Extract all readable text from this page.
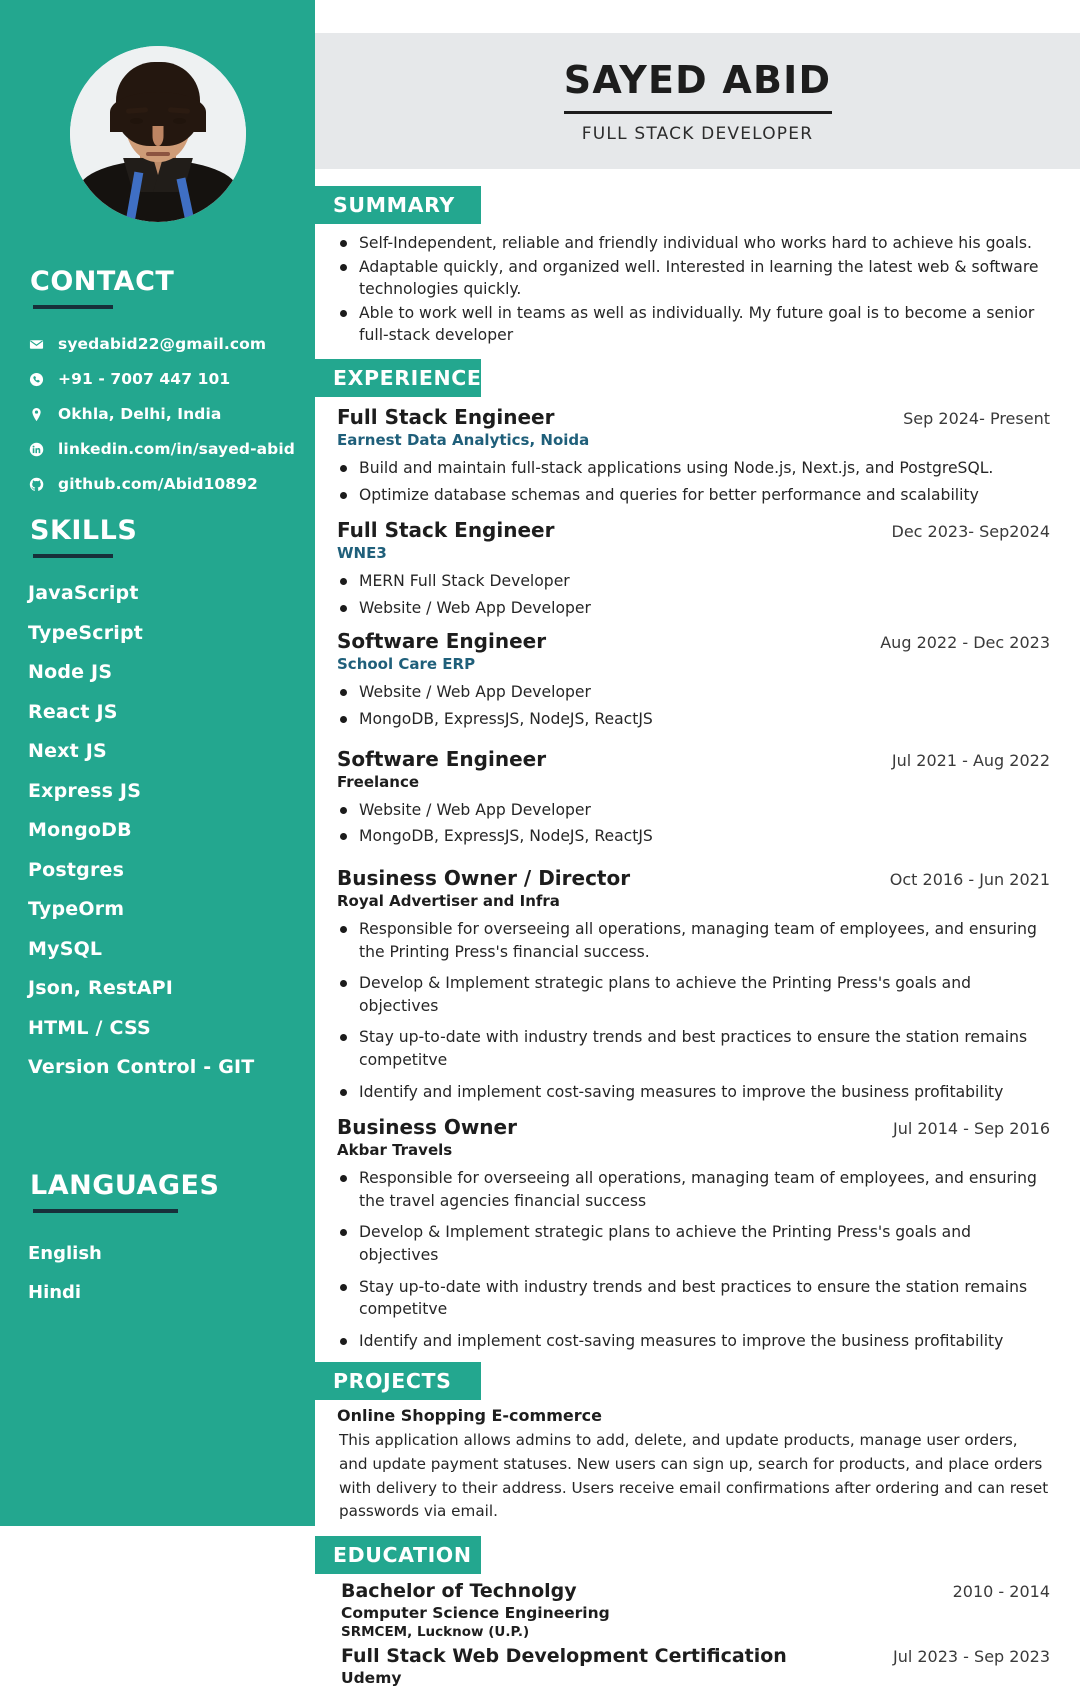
CONTACT
syedabid22@gmail.com
+91 - 7007 447 101
Okhla, Delhi, India
linkedin.com/in/sayed-abid
github.com/Abid10892
SKILLS
JavaScript
TypeScript
Node JS
React JS
Next JS
Express JS
MongoDB
Postgres
TypeOrm
MySQL
Json, RestAPI
HTML / CSS
Version Control - GIT
LANGUAGES
English
Hindi
SAYED ABID
FULL STACK DEVELOPER
SUMMARY
Self-Independent, reliable and friendly individual who works hard to achieve his goals.
Adaptable quickly, and organized well. Interested in learning the latest web & software technologies quickly.
Able to work well in teams as well as individually. My future goal is to become a senior full-stack developer
EXPERIENCE
Full Stack Engineer	Sep 2024- Present
Earnest Data Analytics, Noida
Build and maintain full-stack applications using Node.js, Next.js, and PostgreSQL.
Optimize database schemas and queries for better performance and scalability
Full Stack Engineer	Dec 2023- Sep2024
WNE3
MERN Full Stack Developer
Website / Web App Developer
Software Engineer	Aug 2022 - Dec 2023
School Care ERP
Website / Web App Developer
MongoDB, ExpressJS, NodeJS, ReactJS
Software Engineer	Jul 2021 - Aug 2022
Freelance
Website / Web App Developer
MongoDB, ExpressJS, NodeJS, ReactJS
Business Owner / Director	Oct 2016 - Jun 2021
Royal Advertiser and Infra
Responsible for overseeing all operations, managing team of employees, and ensuring the Printing Press's financial success.
Develop & Implement strategic plans to achieve the Printing Press's goals and objectives
Stay up-to-date with industry trends and best practices to ensure the station remains competitve
Identify and implement cost-saving measures to improve the business profitability
Business Owner	Jul 2014 - Sep 2016
Akbar Travels
Responsible for overseeing all operations, managing team of employees, and ensuring the travel agencies financial success
Develop & Implement strategic plans to achieve the Printing Press's goals and objectives
Stay up-to-date with industry trends and best practices to ensure the station remains competitve
Identify and implement cost-saving measures to improve the business profitability
PROJECTS
Online Shopping E-commerce
This application allows admins to add, delete, and update products, manage user orders, and update payment statuses. New users can sign up, search for products, and place orders with delivery to their address. Users receive email confirmations after ordering and can reset passwords via email.
EDUCATION
Bachelor of Technolgy	2010 - 2014
Computer Science Engineering
SRMCEM, Lucknow (U.P.)
Full Stack Web Development Certification	Jul 2023 - Sep 2023
Udemy
